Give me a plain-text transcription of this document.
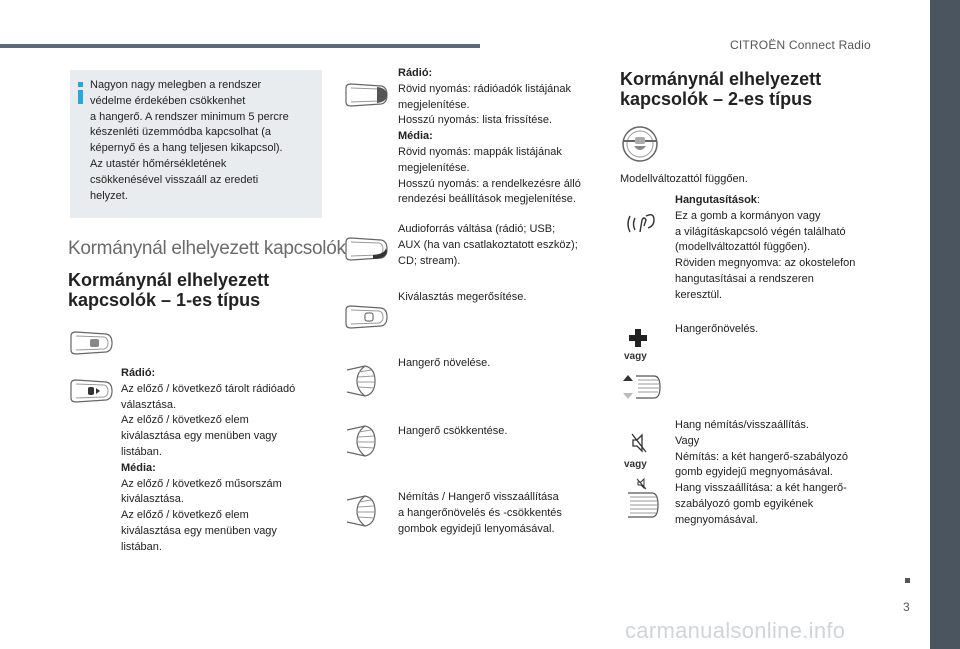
CITROËN Connect Radio
3
carmanualsonline.info
Nagyon nagy melegben a rendszer
védelme érdekében csökkenhet
a hangerő. A rendszer minimum 5 percre
készenléti üzemmódba kapcsolhat (a
képernyő és a hang teljesen kikapcsol).
Az utastér hőmérsékletének
csökkenésével visszaáll az eredeti
helyzet.
Kormánynál elhelyezett kapcsolók
Kormánynál elhelyezett
kapcsolók – 1-es típus
Rádió:
Az előző / következő tárolt rádióadó
választása.
Az előző / következő elem
kiválasztása egy menüben vagy
listában.
Média:
Az előző / következő műsorszám
kiválasztása.
Az előző / következő elem
kiválasztása egy menüben vagy
listában.
Rádió:
Rövid nyomás: rádióadók listájának
megjelenítése.
Hosszú nyomás: lista frissítése.
Média:
Rövid nyomás: mappák listájának
megjelenítése.
Hosszú nyomás: a rendelkezésre álló
rendezési beállítások megjelenítése.
Audioforrás váltása (rádió; USB;
AUX (ha van csatlakoztatott eszköz);
CD; stream).
Kiválasztás megerősítése.
Hangerő növelése.
Hangerő csökkentése.
Némítás / Hangerő visszaállítása
a hangerőnövelés és -csökkentés
gombok egyidejű lenyomásával.
Kormánynál elhelyezett
kapcsolók – 2-es típus
Modellváltozattól függően.
Hangutasítások:
Ez a gomb a kormányon vagy
a világításkapcsoló végén található
(modellváltozattól függően).
Röviden megnyomva: az okostelefon
hangutasításai a rendszeren
keresztül.
vagy
Hangerőnövelés.
vagy
Hang némítás/visszaállítás.
Vagy
Némítás: a két hangerő-szabályozó
gomb egyidejű megnyomásával.
Hang visszaállítása: a két hangerő-
szabályozó gomb egyikének
megnyomásával.
